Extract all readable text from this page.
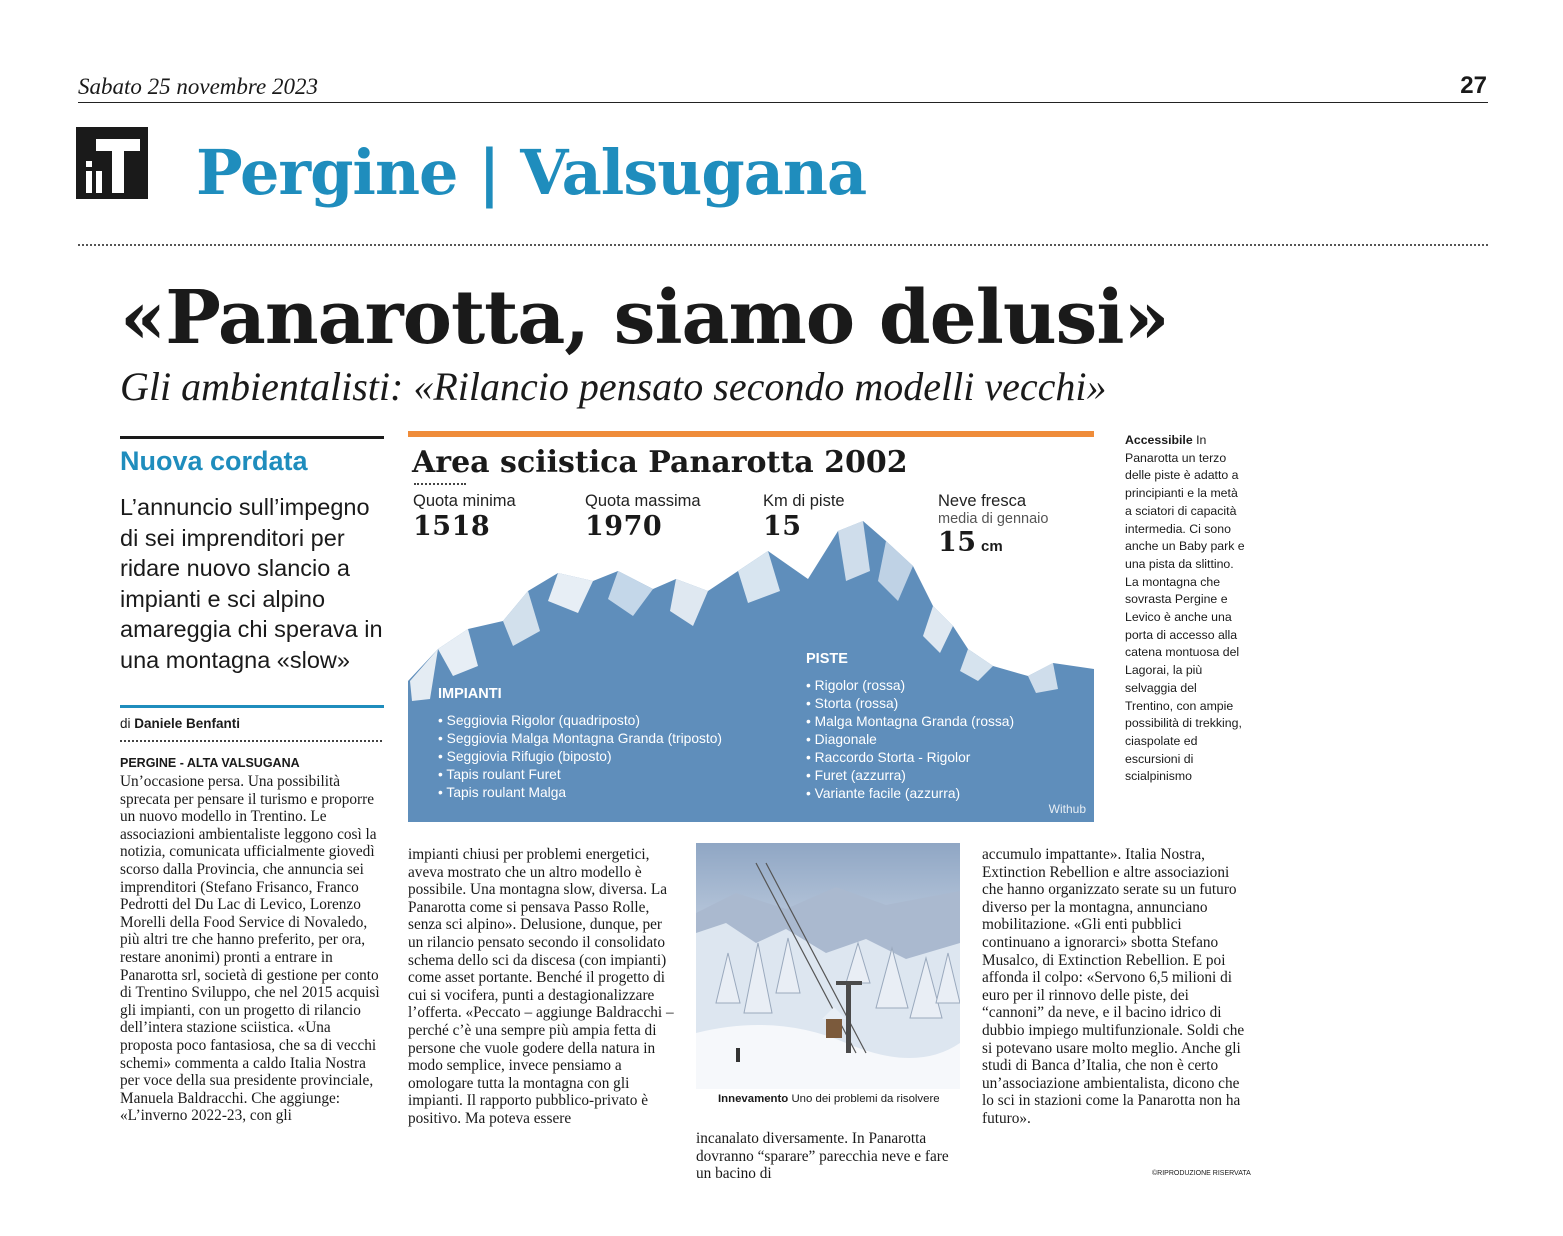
Sabato 25 novembre 2023	27
Pergine | Valsugana
«Panarotta, siamo delusi»
Gli ambientalisti: «Rilancio pensato secondo modelli vecchi»
Nuova cordata
L’annuncio sull’impegno di sei imprenditori per ridare nuovo slancio a impianti e sci alpino amareggia chi sperava in una montagna «slow»
di Daniele Benfanti
PERGINE - ALTA VALSUGANA
Un’occasione persa. Una possibilità sprecata per pensare il turismo e proporre un nuovo modello in Trentino. Le associazioni ambientaliste leggono così la notizia, comunicata ufficialmente giovedì scorso dalla Provincia, che annuncia sei imprenditori (Stefano Frisanco, Franco Pedrotti del Du Lac di Levico, Lorenzo Morelli della Food Service di Novaledo, più altri tre che hanno preferito, per ora, restare anonimi) pronti a entrare in Panarotta srl, società di gestione per conto di Trentino Sviluppo, che nel 2015 acquisì gli impianti, con un progetto di rilancio dell’intera stazione sciistica. «Una proposta poco fantasiosa, che sa di vecchi schemi» commenta a caldo Italia Nostra per voce della sua presidente provinciale, Manuela Baldracchi. Che aggiunge: «L’inverno 2022-23, con gli
impianti chiusi per problemi energetici, aveva mostrato che un altro modello è possibile. Una montagna slow, diversa. La Panarotta come si pensava Passo Rolle, senza sci alpino». Delusione, dunque, per un rilancio pensato secondo il consolidato schema dello sci da discesa (con impianti) come asset portante. Benché il progetto di cui si vocifera, punti a destagionalizzare l’offerta. «Peccato – aggiunge Baldracchi – perché c’è una sempre più ampia fetta di persone che vuole godere della natura in modo semplice, invece pensiamo a omologare tutta la montagna con gli impianti. Il rapporto pubblico-privato è positivo. Ma poteva essere
incanalato diversamente. In Panarotta dovranno “sparare” parecchia neve e fare un bacino di
accumulo impattante». Italia Nostra, Extinction Rebellion e altre associazioni che hanno organizzato serate su un futuro diverso per la montagna, annunciano mobilitazione. «Gli enti pubblici continuano a ignorarci» sbotta Stefano Musalco, di Extinction Rebellion. E poi affonda il colpo: «Servono 6,5 milioni di euro per il rinnovo delle piste, dei “cannoni” da neve, e il bacino idrico di dubbio impiego multifunzionale. Soldi che si potevano usare molto meglio. Anche gli studi di Banca d’Italia, che non è certo un’associazione ambientalista, dicono che lo sci in stazioni come la Panarotta non ha futuro».
Area sciistica Panarotta 2002
Quota minima
1518
Quota massima
1970
Km di piste
15
Neve fresca
media di gennaio
15 cm
IMPIANTI
• Seggiovia Rigolor (quadriposto)
• Seggiovia Malga Montagna Granda (triposto)
• Seggiovia Rifugio (biposto)
• Tapis roulant Furet
• Tapis roulant Malga
PISTE
• Rigolor (rossa)
• Storta (rossa)
• Malga Montagna Granda (rossa)
• Diagonale
• Raccordo Storta - Rigolor
• Furet (azzurra)
• Variante facile (azzurra)
Withub
Accessibile In Panarotta un terzo delle piste è adatto a principianti e la metà a sciatori di capacità intermedia. Ci sono anche un Baby park e una pista da slittino. La montagna che sovrasta Pergine e Levico è anche una porta di accesso alla catena montuosa del Lagorai, la più selvaggia del Trentino, con ampie possibilità di trekking, ciaspolate ed escursioni di scialpinismo
Innevamento Uno dei problemi da risolvere
©RIPRODUZIONE RISERVATA
